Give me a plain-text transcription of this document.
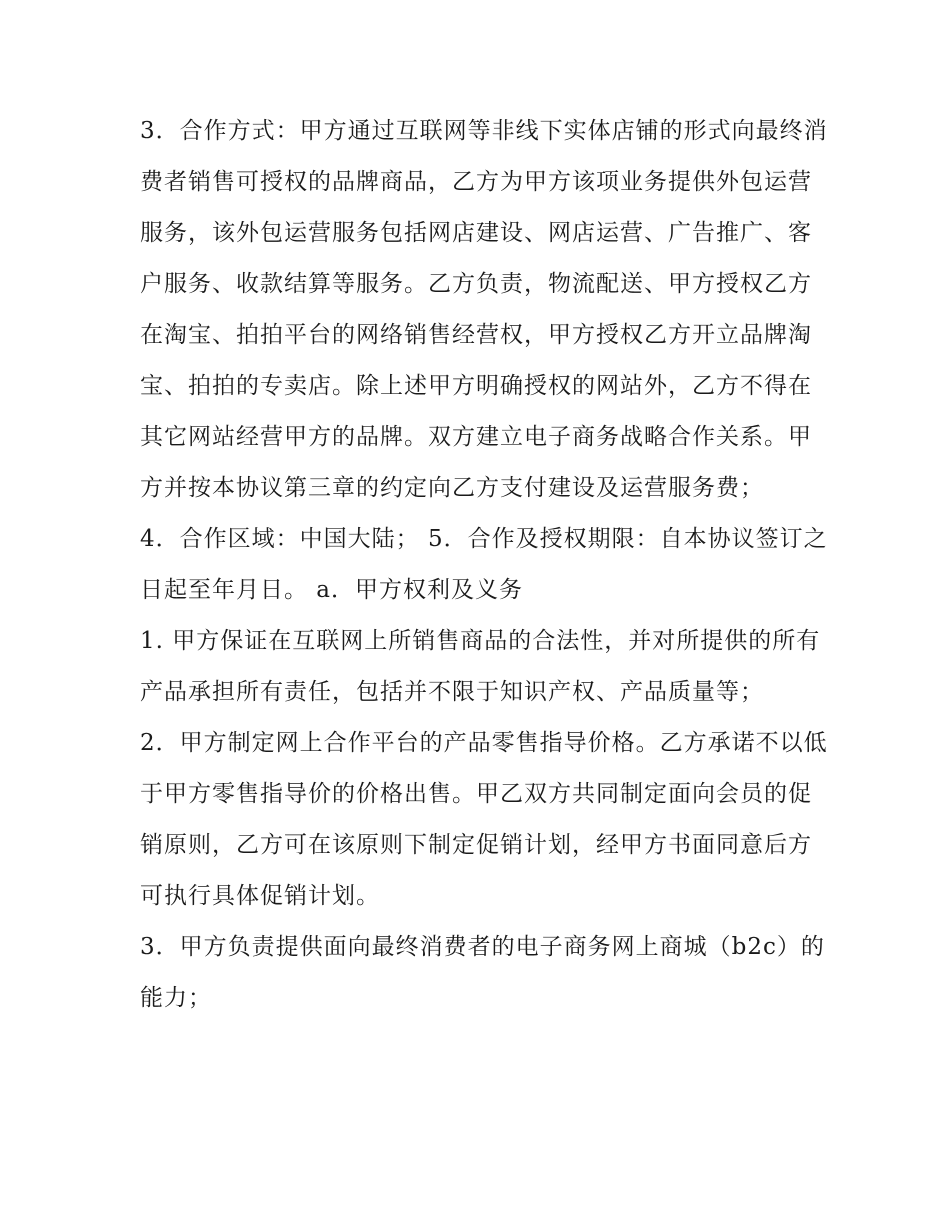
3．合作方式：甲方通过互联网等非线下实体店铺的形式向最终消费者销售可授权的品牌商品，乙方为甲方该项业务提供外包运营服务，该外包运营服务包括网店建设、网店运营、广告推广、客户服务、收款结算等服务。乙方负责，物流配送、甲方授权乙方在淘宝、拍拍平台的网络销售经营权，甲方授权乙方开立品牌淘宝、拍拍的专卖店。除上述甲方明确授权的网站外，乙方不得在其它网站经营甲方的品牌。双方建立电子商务战略合作关系。甲方并按本协议第三章的约定向乙方支付建设及运营服务费；

4．合作区域：中国大陆； 5．合作及授权期限：自本协议签订之日起至年月日。 a．甲方权利及义务

1. 甲方保证在互联网上所销售商品的合法性，并对所提供的所有产品承担所有责任，包括并不限于知识产权、产品质量等；

2．甲方制定网上合作平台的产品零售指导价格。乙方承诺不以低于甲方零售指导价的价格出售。甲乙双方共同制定面向会员的促销原则，乙方可在该原则下制定促销计划，经甲方书面同意后方可执行具体促销计划。

3．甲方负责提供面向最终消费者的电子商务网上商城（b2c）的能力；
